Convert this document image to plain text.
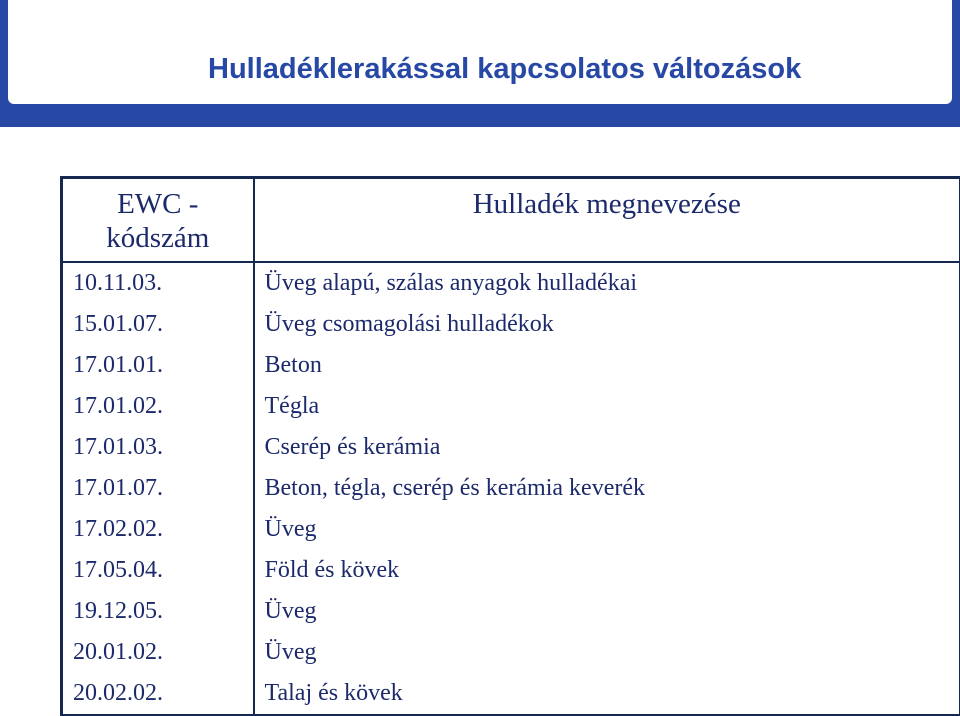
Hulladéklerakással kapcsolatos változások
EWC - kódszám	Hulladék megnevezése
10.11.03.	Üveg alapú, szálas anyagok hulladékai
15.01.07.	Üveg csomagolási hulladékok
17.01.01.	Beton
17.01.02.	Tégla
17.01.03.	Cserép és kerámia
17.01.07.	Beton, tégla, cserép és kerámia keverék
17.02.02.	Üveg
17.05.04.	Föld és kövek
19.12.05.	Üveg
20.01.02.	Üveg
20.02.02.	Talaj és kövek
